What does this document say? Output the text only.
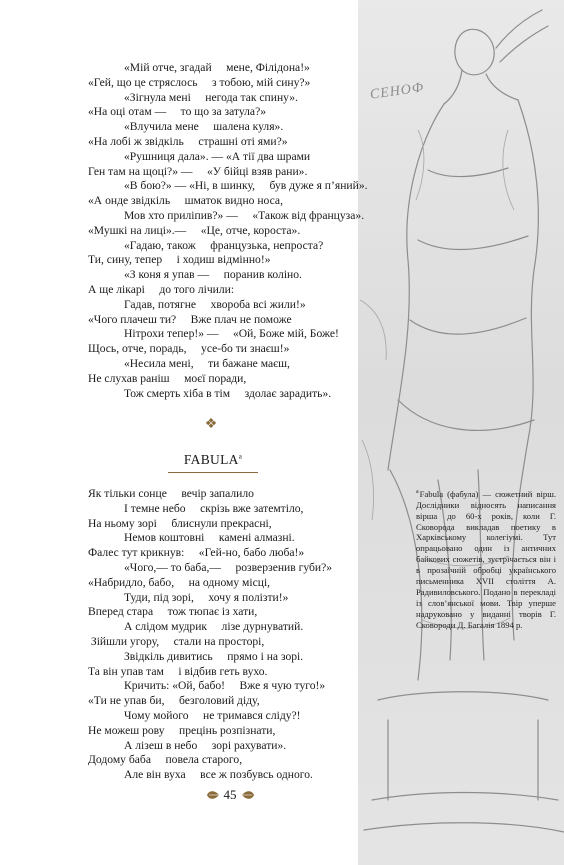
СЕНОФ
«Мій отче, згадай     мене, Філідона!»
«Гей, що це стряслось     з тобою, мій сину?»
«Зігнула мені     негода так спину».
«На оці отам —     то що за затула?»
«Влучила мене     шалена куля».
«На лобі ж звідкіль     страшні оті ями?»
«Рушниця дала». — «А тії два шрами
Ген там на щоці?» —     «У бійці взяв рани».
«В бою?» — «Ні, в шинку,     був дуже я п’яний».
«А онде звідкіль     шматок видно носа,
Мов хто приліпив?» —     «Також від француза».
«Мушкі на лиці».—     «Це, отче, короста».
«Гадаю, також     французька, непроста?
Ти, сину, тепер     і ходиш відмінно!»
«З коня я упав —     поранив коліно.
А ще лікарі     до того лічили:
Гадав, потягне     хвороба всі жили!»
«Чого плачеш ти?     Вже плач не поможе
Нітрохи тепер!» —     «Ой, Боже мій, Боже!
Щось, отче, порадь,     усе-бо ти знаєш!»
«Несила мені,     ти бажане маєш,
Не слухав раніш     моєї поради,
Тож смерть хіба в тім     здолає зарадить».
❖
FABULA$^a$
Як тільки сонце     вечір запалило
І темне небо     скрізь вже затемтіло,
На ньому зорі     блиснули прекрасні,
Немов коштовні     камені алмазні.
Фалес тут крикнув:     «Гей-но, бабо люба!»
«Чого,— то баба,—     розверзенив губи?»
«Набридло, бабо,     на одному місці,
Туди, під зорі,     хочу я полізти!»
Вперед стара     тож тюпає із хати,
А слідом мудрик     лізе дурнуватий.
Зійшли угору,     стали на просторі,
Звідкіль дивитись     прямо і на зорі.
Та він упав там     і відбив геть вухо.
Кричить: «Ой, бабо!     Вже я чую туго!»
«Ти не упав би,     безголовий діду,
Чому мойого     не тримався сліду?!
Не можеш рову     прецінь розпізнати,
А лізеш в небо     зорі рахувати».
Додому баба     повела старого,
Але він вуха     все ж позбувсь одного.
$^a$Fabula (фабула) — сюжетний вірш. Дослідники відносять написання вірша до 60-х років, коли Г. Сковорода викладав поетику в Харківському колегіумі. Тут опрацьовано один із античних байкових сюжетів, зустрічається він і в прозаїчній обробці українського письменника XVII століття А. Радивиловського. Подано в перекладі із слов’янської мови. Твір уперше надруковано у виданні творів Г. Сковороди Д. Багалія 1894 р.
45
